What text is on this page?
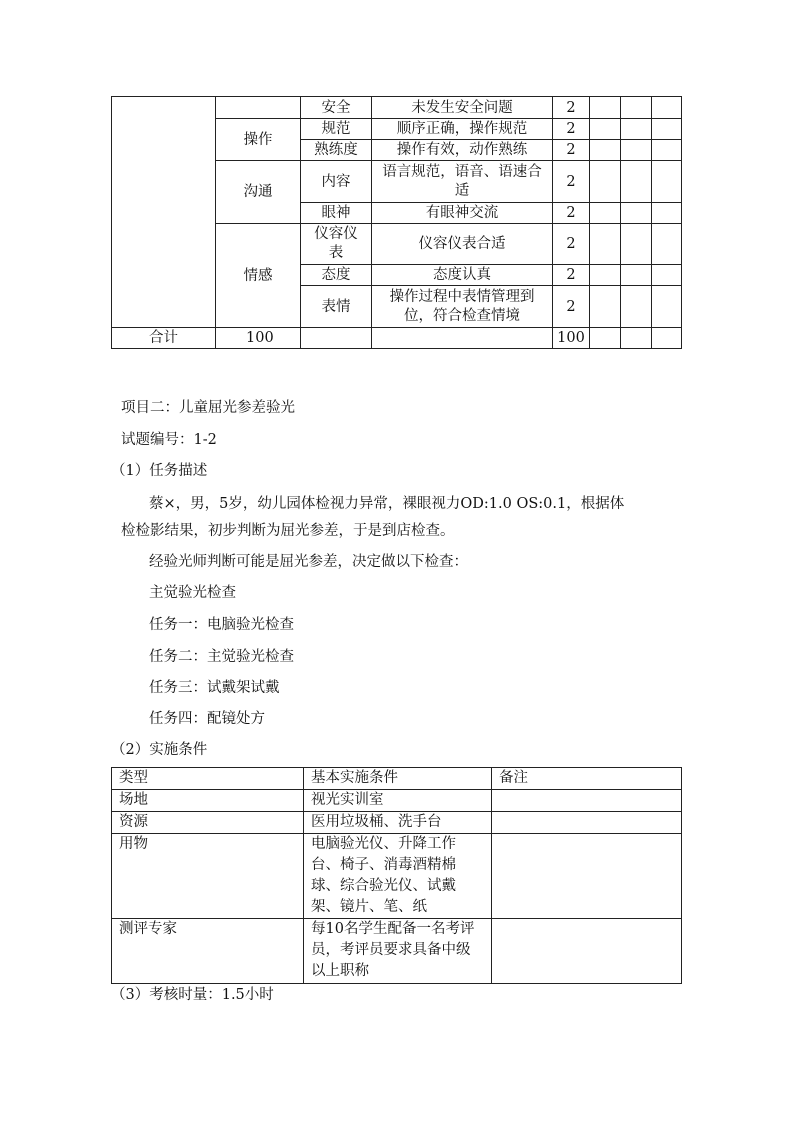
		安全	未发生安全问题	2			
	操作	规范	顺序正确，操作规范	2			
		熟练度	操作有效，动作熟练	2			
	沟通	内容	语言规范，语音、语速合适	2			
		眼神	有眼神交流	2			
	情感	仪容仪表	仪容仪表合适	2			
		态度	态度认真	2			
		表情	操作过程中表情管理到位，符合检查情境	2			
合计	100			100			
项目二：儿童屈光参差验光
试题编号：1-2
（1）任务描述
蔡×，男，5岁，幼儿园体检视力异常，裸眼视力OD:1.0 OS:0.1，根据体
检检影结果，初步判断为屈光参差，于是到店检查。
经验光师判断可能是屈光参差，决定做以下检查：
主觉验光检查
任务一：电脑验光检查
任务二：主觉验光检查
任务三：试戴架试戴
任务四：配镜处方
（2）实施条件
类型	基本实施条件	备注
场地	视光实训室	
资源	医用垃圾桶、洗手台	
用物	电脑验光仪、升降工作台、椅子、消毒酒精棉球、综合验光仪、试戴架、镜片、笔、纸	
测评专家	每10名学生配备一名考评员，考评员要求具备中级以上职称	
（3）考核时量：1.5小时
